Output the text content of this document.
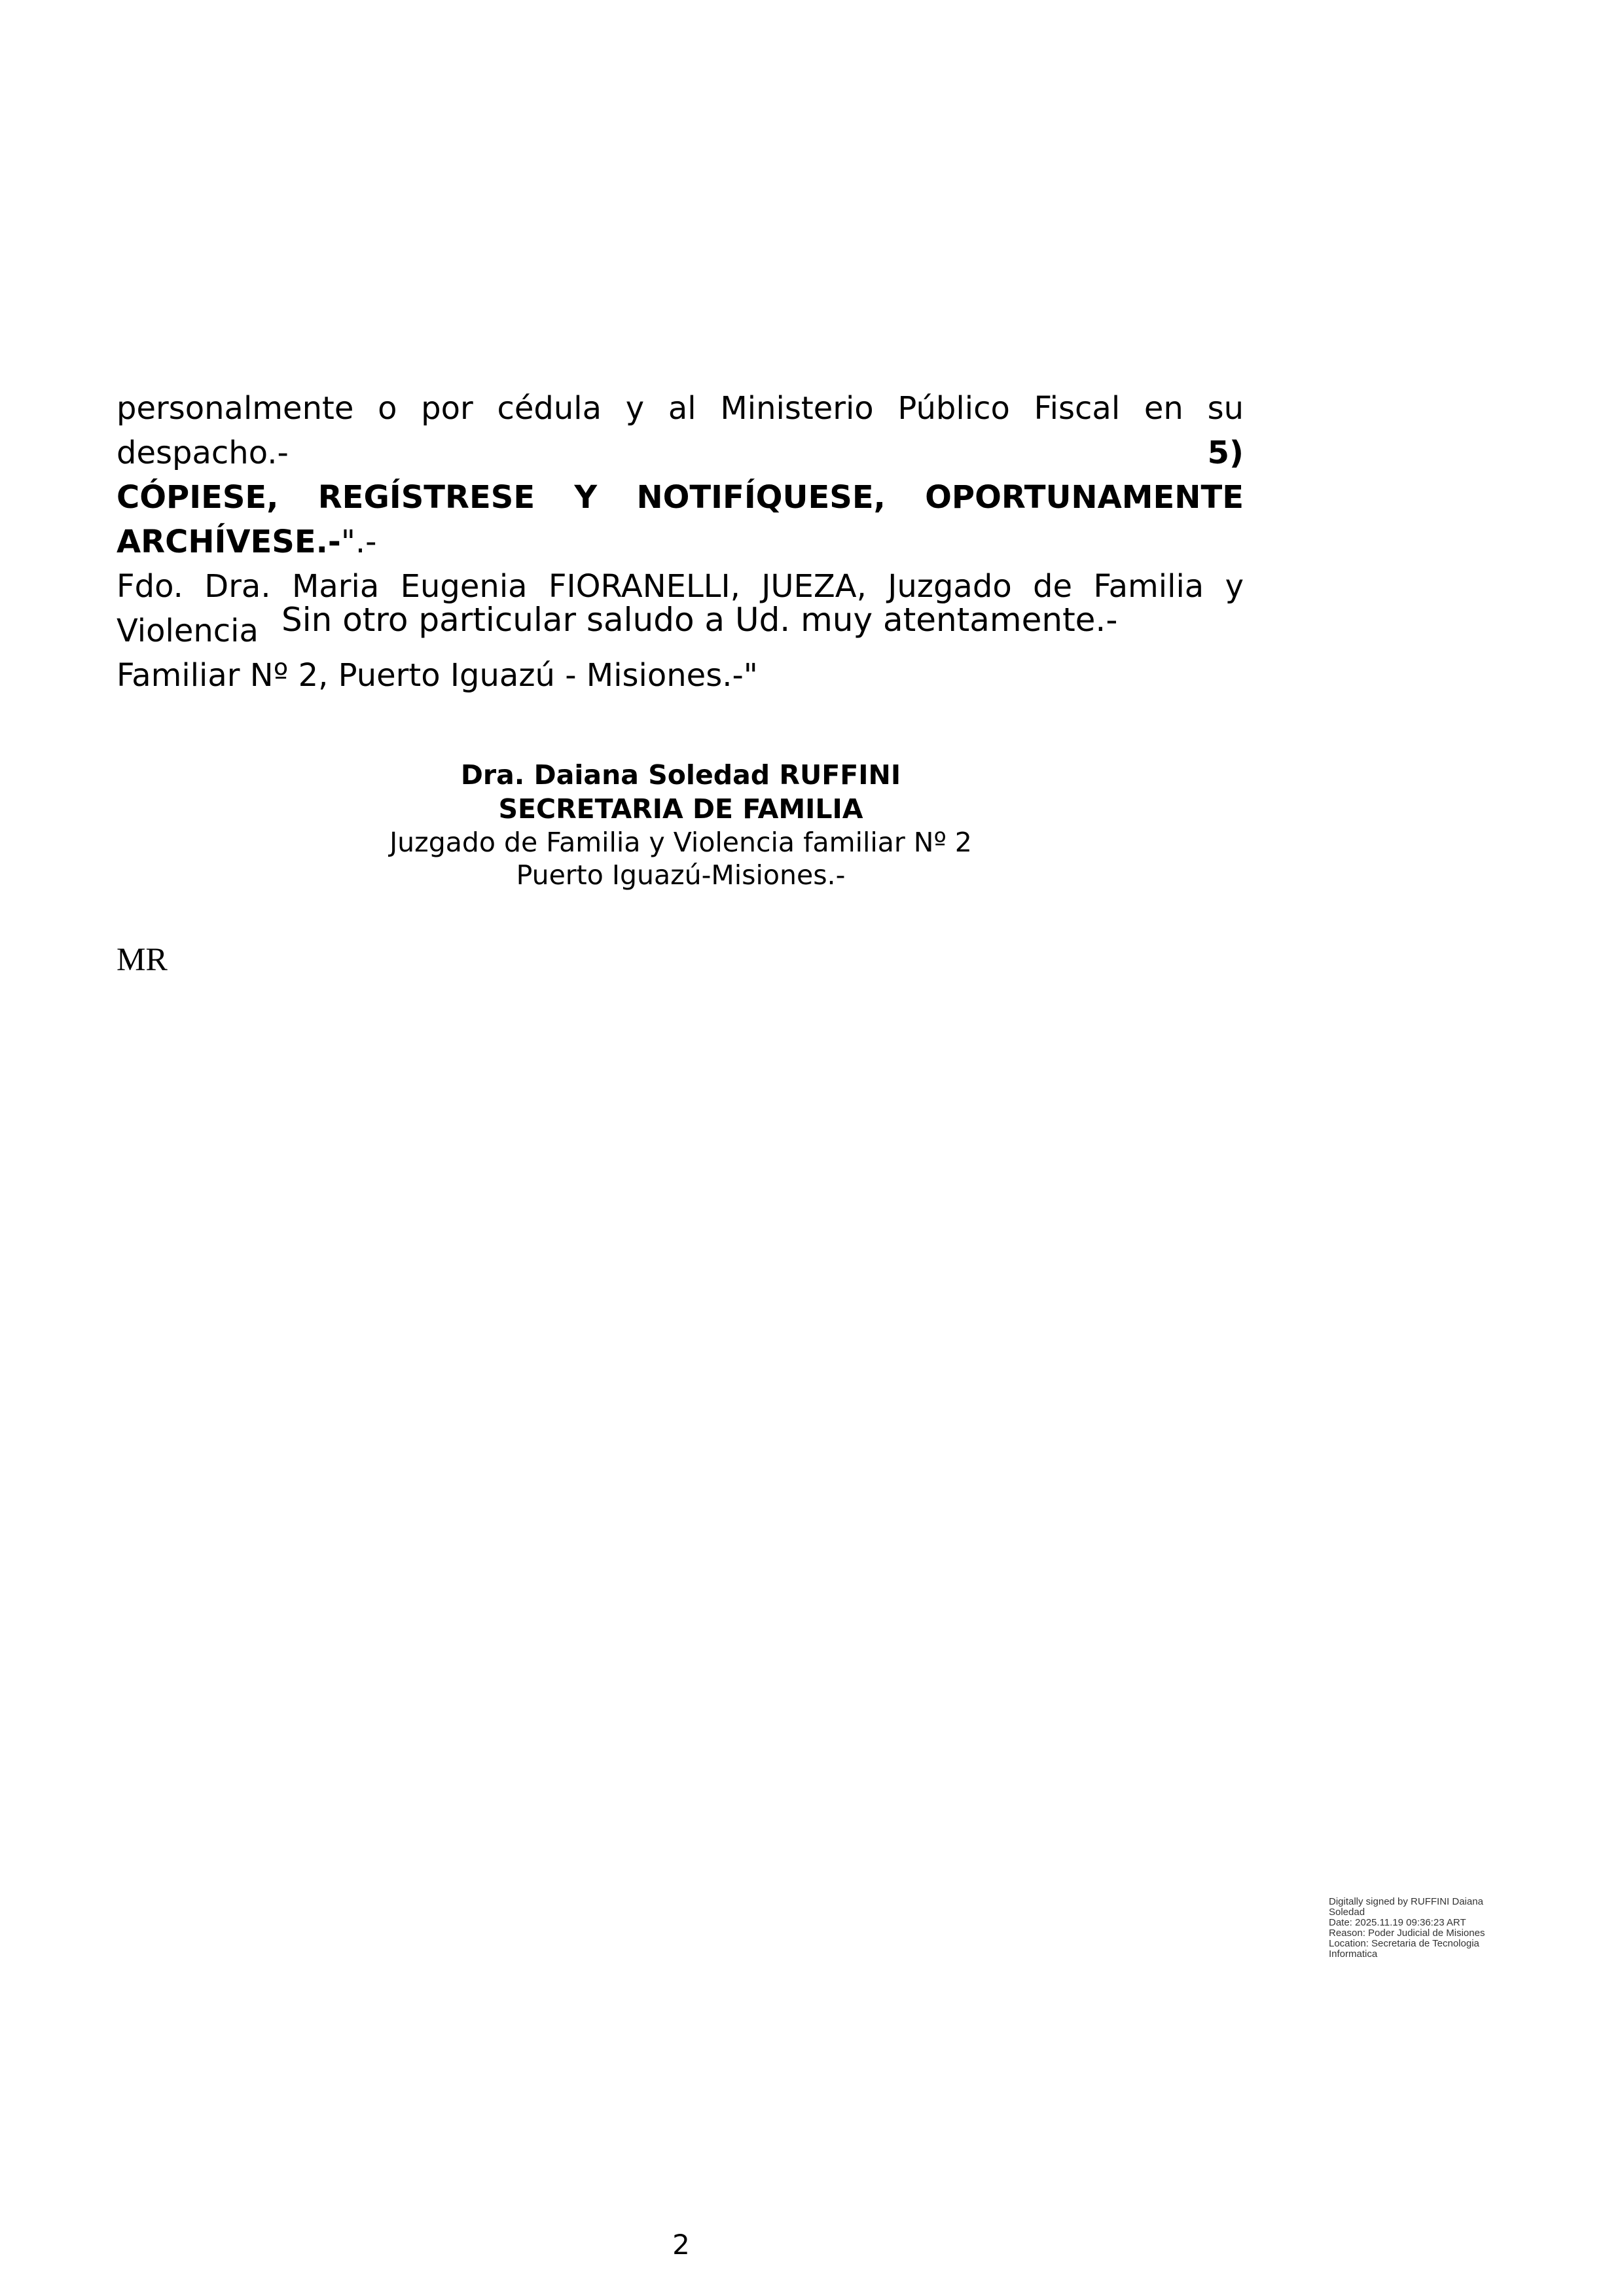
personalmente o por cédula y al Ministerio Público Fiscal en su despacho.-	5)
CÓPIESE, REGÍSTRESE Y NOTIFÍQUESE, OPORTUNAMENTE ARCHÍVESE.-".-
Fdo. Dra. Maria Eugenia FIORANELLI, JUEZA, Juzgado de Familia y Violencia
Familiar Nº 2, Puerto Iguazú - Misiones.-"
Sin otro particular saludo a Ud. muy atentamente.-
Dra. Daiana Soledad RUFFINI
SECRETARIA DE FAMILIA
Juzgado de Familia y Violencia familiar Nº 2
Puerto Iguazú-Misiones.-
MR
Digitally signed by RUFFINI Daiana
Soledad
Date: 2025.11.19 09:36:23 ART
Reason: Poder Judicial de Misiones
Location: Secretaria de Tecnologia
Informatica
2
